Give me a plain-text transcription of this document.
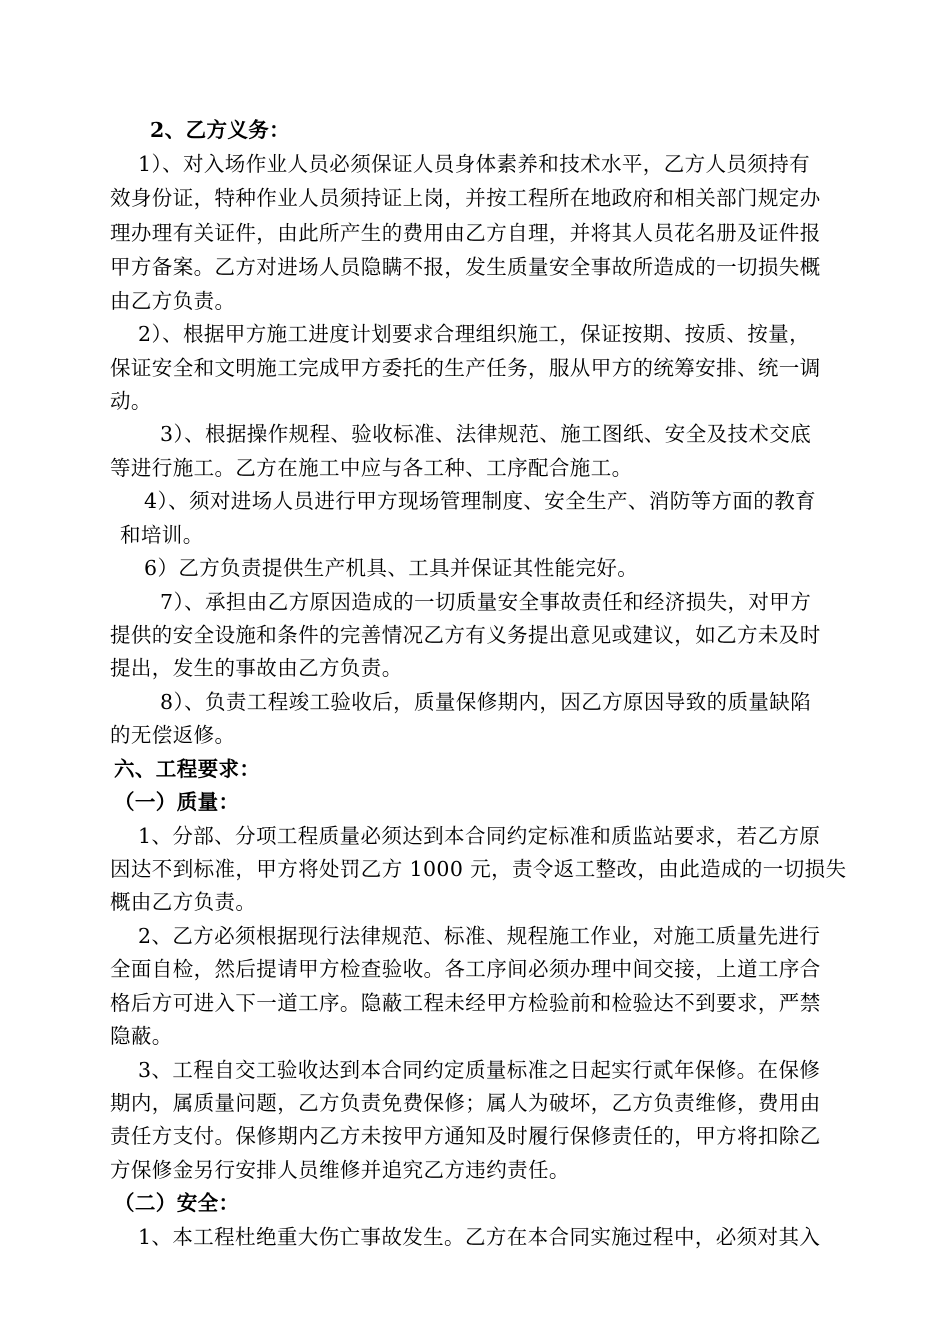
2、乙方义务：
1）、对入场作业人员必须保证人员身体素养和技术水平，乙方人员须持有
效身份证，特种作业人员须持证上岗，并按工程所在地政府和相关部门规定办
理办理有关证件，由此所产生的费用由乙方自理，并将其人员花名册及证件报
甲方备案。乙方对进场人员隐瞒不报，发生质量安全事故所造成的一切损失概
由乙方负责。
2）、根据甲方施工进度计划要求合理组织施工，保证按期、按质、按量，
保证安全和文明施工完成甲方委托的生产任务，服从甲方的统筹安排、统一调
动。
3）、根据操作规程、验收标准、法律规范、施工图纸、安全及技术交底
等进行施工。乙方在施工中应与各工种、工序配合施工。
4）、须对进场人员进行甲方现场管理制度、安全生产、消防等方面的教育
和培训。
6）乙方负责提供生产机具、工具并保证其性能完好。
7）、承担由乙方原因造成的一切质量安全事故责任和经济损失，对甲方
提供的安全设施和条件的完善情况乙方有义务提出意见或建议，如乙方未及时
提出，发生的事故由乙方负责。
8）、负责工程竣工验收后，质量保修期内，因乙方原因导致的质量缺陷
的无偿返修。
六、工程要求：
（一）质量：
1、分部、分项工程质量必须达到本合同约定标准和质监站要求，若乙方原
因达不到标准，甲方将处罚乙方 1000 元，责令返工整改，由此造成的一切损失
概由乙方负责。
2、乙方必须根据现行法律规范、标准、规程施工作业，对施工质量先进行
全面自检，然后提请甲方检查验收。各工序间必须办理中间交接，上道工序合
格后方可进入下一道工序。隐蔽工程未经甲方检验前和检验达不到要求，严禁
隐蔽。
3、工程自交工验收达到本合同约定质量标准之日起实行贰年保修。在保修
期内，属质量问题，乙方负责免费保修；属人为破坏，乙方负责维修，费用由
责任方支付。保修期内乙方未按甲方通知及时履行保修责任的，甲方将扣除乙
方保修金另行安排人员维修并追究乙方违约责任。
（二）安全：
1、本工程杜绝重大伤亡事故发生。乙方在本合同实施过程中，必须对其入
